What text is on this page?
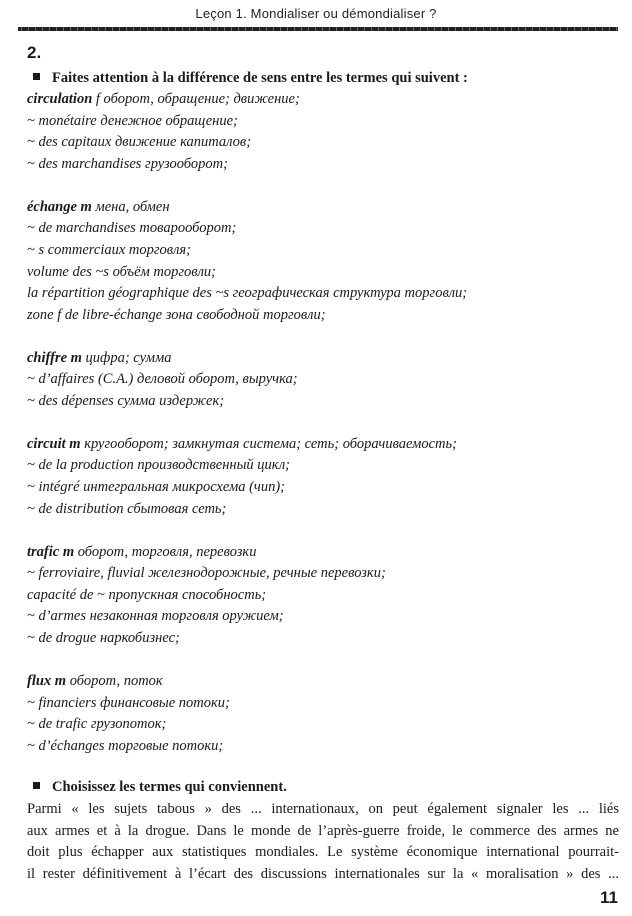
Leçon 1. Mondialiser ou démondialiser ?
2.
Faites attention à la différence de sens entre les termes qui suivent :
circulation f оборот, обращение; движение;
~ monétaire денежное обращение;
~ des capitaux движение капиталов;
~ des marchandises грузооборот;
échange m мена, обмен
~ de marchandises товарооборот;
~ s commerciaux торговля;
volume des ~s объём торговли;
la répartition géographique des ~s географическая структура торговли;
zone f de libre-échange зона свободной торговли;
chiffre m цифра; сумма
~ d’affaires (C.A.) деловой оборот, выручка;
~ des dépenses сумма издержек;
circuit m кругооборот; замкнутая система; сеть; оборачиваемость;
~ de la production производственный цикл;
~ intégré интегральная микросхема (чип);
~ de distribution сбытовая сеть;
trafic m оборот, торговля, перевозки
~ ferroviaire, fluvial железнодорожные, речные перевозки;
capacité de ~ пропускная способность;
~ d’armes незаконная торговля оружием;
~ de drogue наркобизнес;
flux m оборот, поток
~ financiers финансовые потоки;
~ de trafic грузопоток;
~ d’échanges торговые потоки;
Choisissez les termes qui conviennent.
Parmi « les sujets tabous » des ... internationaux, on peut également signaler les ... liés
aux armes et à la drogue. Dans le monde de l’après-guerre froide, le commerce des armes ne
doit plus échapper aux statistiques mondiales. Le système économique international pourrait-
il rester définitivement à l’écart des discussions internationales sur la « moralisation » des ...
11
